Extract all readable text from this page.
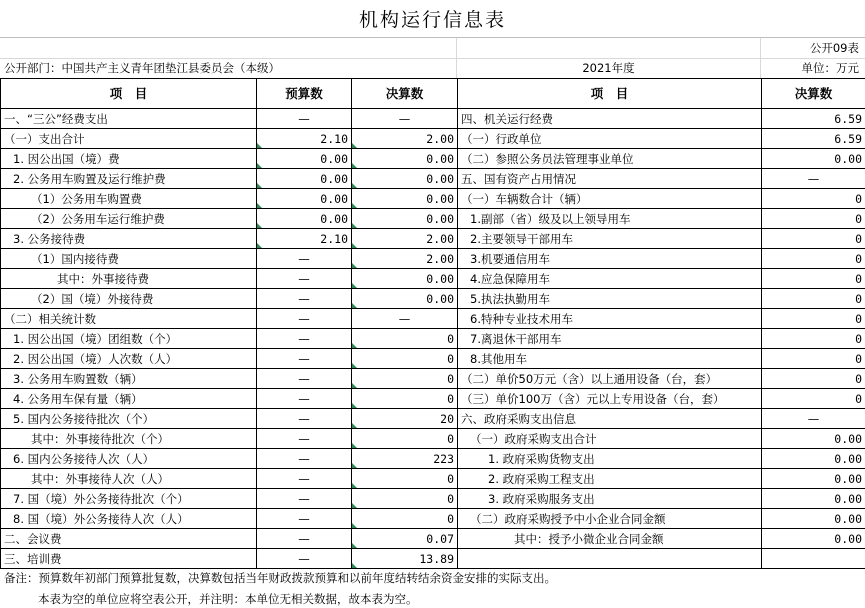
机构运行信息表
公开09表
公开部门：中国共产主义青年团垫江县委员会（本级）	2021年度	单位：万元
项　目	预算数	决算数	项　目	决算数
一、“三公”经费支出	—	—	四、机关运行经费	6.59
（一）支出合计	2.10	2.00	（一）行政单位	6.59
1. 因公出国（境）费	0.00	0.00	（二）参照公务员法管理事业单位	0.00
2. 公务用车购置及运行维护费	0.00	0.00	五、国有资产占用情况	—
（1）公务用车购置费	0.00	0.00	（一）车辆数合计（辆）	0
（2）公务用车运行维护费	0.00	0.00	1.副部（省）级及以上领导用车	0
3. 公务接待费	2.10	2.00	2.主要领导干部用车	0
（1）国内接待费	—	2.00	3.机要通信用车	0
其中：外事接待费	—	0.00	4.应急保障用车	0
（2）国（境）外接待费	—	0.00	5.执法执勤用车	0
（二）相关统计数	—	—	6.特种专业技术用车	0
1. 因公出国（境）团组数（个）	—	0	7.离退休干部用车	0
2. 因公出国（境）人次数（人）	—	0	8.其他用车	0
3. 公务用车购置数（辆）	—	0	（二）单价50万元（含）以上通用设备（台，套）	0
4. 公务用车保有量（辆）	—	0	（三）单价100万（含）元以上专用设备（台，套）	0
5. 国内公务接待批次（个）	—	20	六、政府采购支出信息	—
其中：外事接待批次（个）	—	0	（一）政府采购支出合计	0.00
6. 国内公务接待人次（人）	—	223	1. 政府采购货物支出	0.00
其中：外事接待人次（人）	—	0	2. 政府采购工程支出	0.00
7. 国（境）外公务接待批次（个）	—	0	3. 政府采购服务支出	0.00
8. 国（境）外公务接待人次（人）	—	0	（二）政府采购授予中小企业合同金额	0.00
二、会议费	—	0.07	其中：授予小微企业合同金额	0.00
三、培训费	—	13.89		
备注：预算数年初部门预算批复数，决算数包括当年财政拨款预算和以前年度结转结余资金安排的实际支出。
本表为空的单位应将空表公开，并注明：本单位无相关数据，故本表为空。
